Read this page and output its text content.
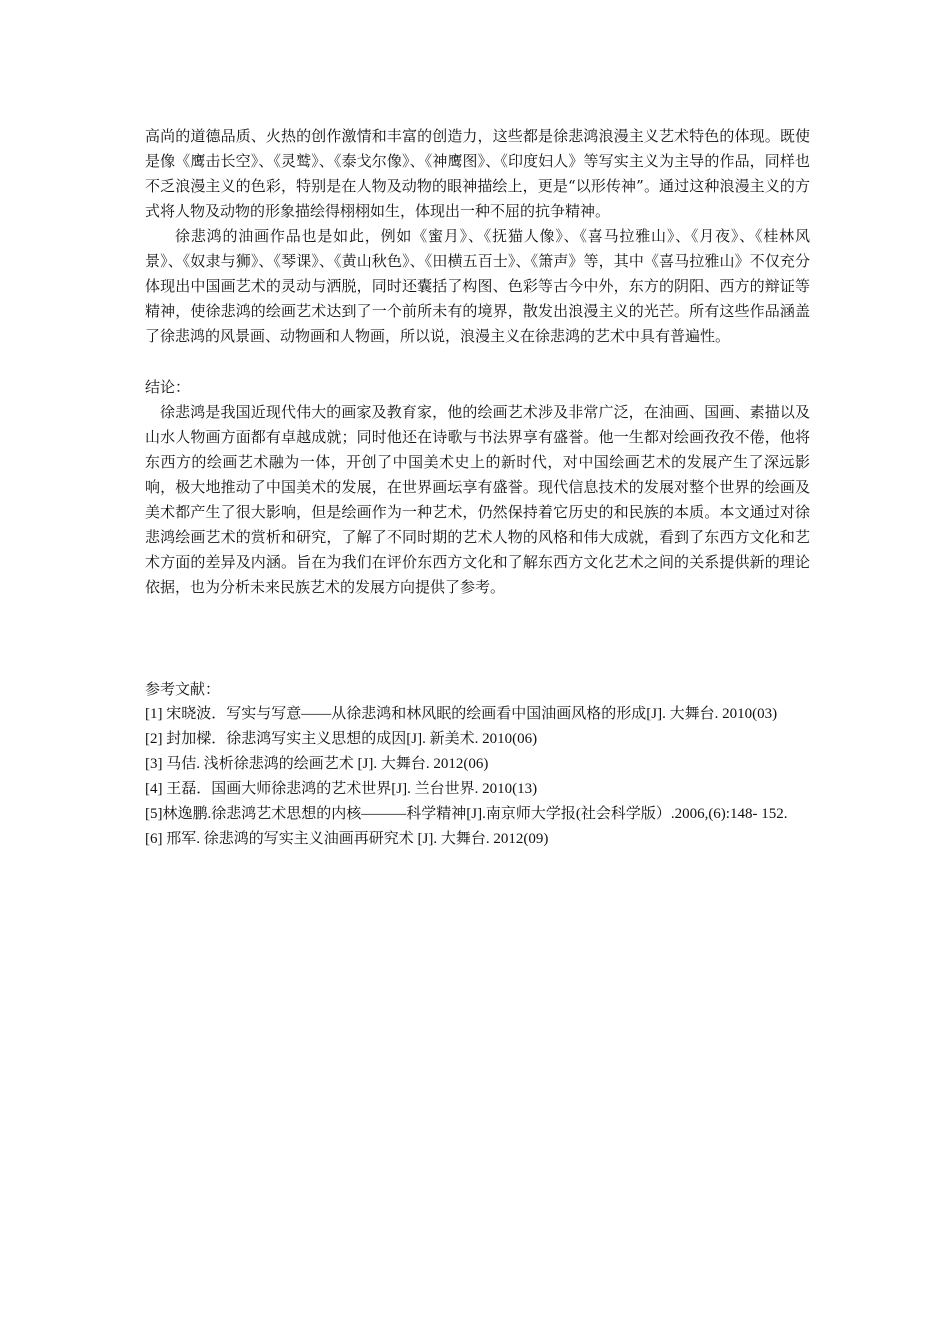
高尚的道德品质、火热的创作激情和丰富的创造力，这些都是徐悲鸿浪漫主义艺术特色的体现。既使是像《鹰击长空》、《灵鹫》、《泰戈尔像》、《神鹰图》、《印度妇人》等写实主义为主导的作品，同样也不乏浪漫主义的色彩，特别是在人物及动物的眼神描绘上，更是“以形传神”。通过这种浪漫主义的方式将人物及动物的形象描绘得栩栩如生，体现出一种不屈的抗争精神。

徐悲鸿的油画作品也是如此，例如《蜜月》、《抚猫人像》、《喜马拉雅山》、《月夜》、《桂林风景》、《奴隶与狮》、《琴课》、《黄山秋色》、《田横五百士》、《箫声》等，其中《喜马拉雅山》不仅充分体现出中国画艺术的灵动与洒脱，同时还囊括了构图、色彩等古今中外，东方的阴阳、西方的辩证等精神，使徐悲鸿的绘画艺术达到了一个前所未有的境界，散发出浪漫主义的光芒。所有这些作品涵盖了徐悲鸿的风景画、动物画和人物画，所以说，浪漫主义在徐悲鸿的艺术中具有普遍性。

结论：

徐悲鸿是我国近现代伟大的画家及教育家，他的绘画艺术涉及非常广泛，在油画、国画、素描以及山水人物画方面都有卓越成就；同时他还在诗歌与书法界享有盛誉。他一生都对绘画孜孜不倦，他将东西方的绘画艺术融为一体，开创了中国美术史上的新时代，对中国绘画艺术的发展产生了深远影响，极大地推动了中国美术的发展，在世界画坛享有盛誉。现代信息技术的发展对整个世界的绘画及美术都产生了很大影响，但是绘画作为一种艺术，仍然保持着它历史的和民族的本质。本文通过对徐悲鸿绘画艺术的赏析和研究，了解了不同时期的艺术人物的风格和伟大成就，看到了东西方文化和艺术方面的差异及内涵。旨在为我们在评价东西方文化和了解东西方文化艺术之间的关系提供新的理论依据，也为分析未来民族艺术的发展方向提供了参考。

参考文献：

[1] 宋晓波．写实与写意——从徐悲鸿和林风眠的绘画看中国油画风格的形成[J]. 大舞台. 2010(03)

[2] 封加樑．徐悲鸿写实主义思想的成因[J]. 新美术. 2010(06)

[3] 马佶. 浅析徐悲鸿的绘画艺术 [J]. 大舞台. 2012(06)

[4] 王磊．国画大师徐悲鸿的艺术世界[J]. 兰台世界. 2010(13)

[5]林逸鹏.徐悲鸿艺术思想的内核———科学精神[J].南京师大学报(社会科学版）.2006,(6):148- 152.

[6] 邢军. 徐悲鸿的写实主义油画再研究术 [J]. 大舞台. 2012(09)
